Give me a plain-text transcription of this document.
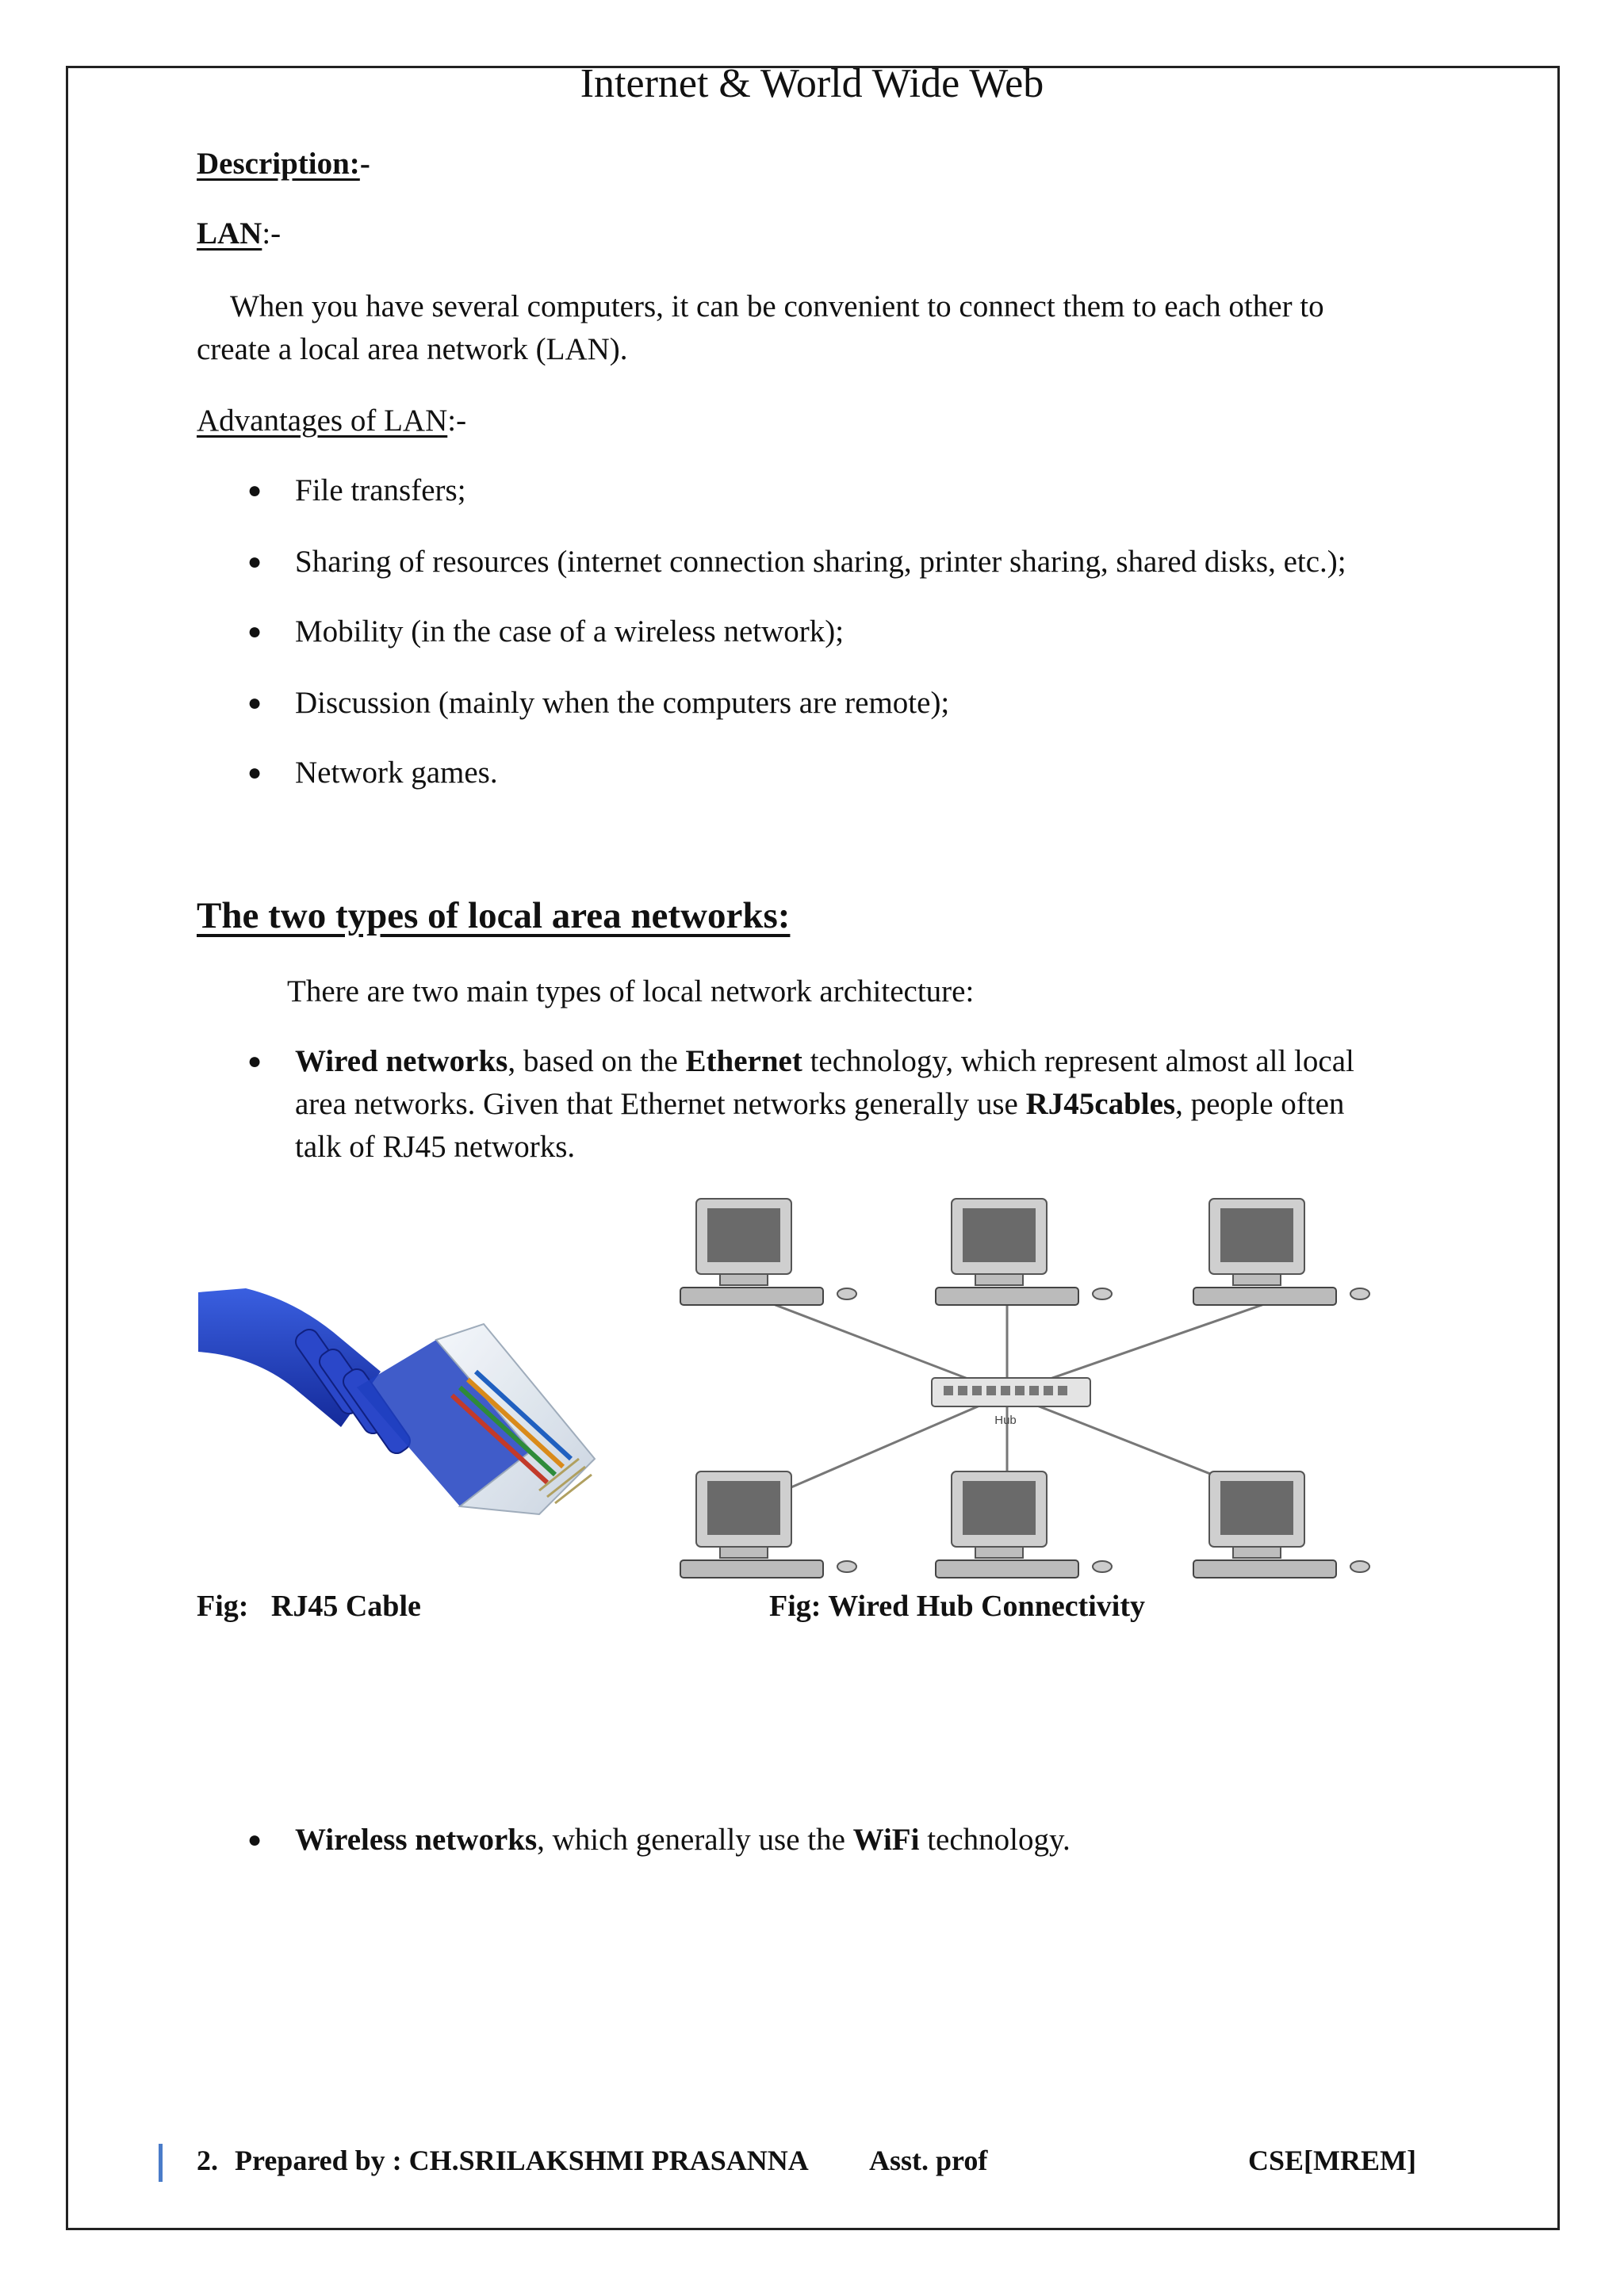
Internet & World Wide Web
Description:-
LAN:-
When you have several computers, it can be convenient to connect them to each other to
create a local area network (LAN).
Advantages of LAN:-
● File transfers;
● Sharing of resources (internet connection sharing, printer sharing, shared disks, etc.);
● Mobility (in the case of a wireless network);
● Discussion (mainly when the computers are remote);
● Network games.
The two types of local area networks:
There are two main types of local network architecture:
● Wired networks, based on the Ethernet technology, which represent almost all local
area networks. Given that Ethernet networks generally use RJ45cables, people often
talk of RJ45 networks.
Hub
Fig:   RJ45 Cable	Fig: Wired Hub Connectivity
● Wireless networks, which generally use the WiFi technology.
2. Prepared by : CH.SRILAKSHMI PRASANNA Asst. prof	CSE[MREM]
